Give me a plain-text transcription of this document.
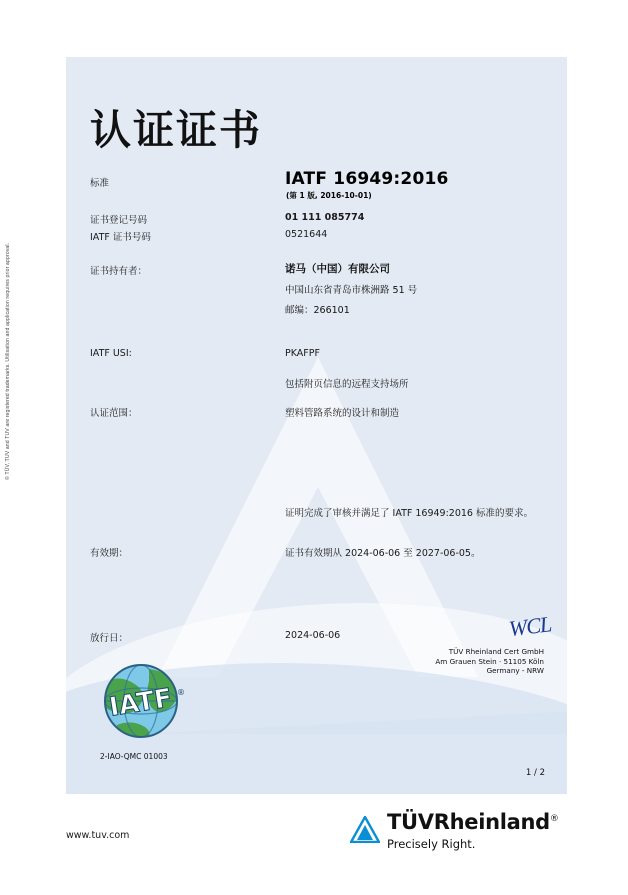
© TÜV, TUV and TUV are registered trademarks. Utilisation and application requires prior approval.
认证证书
标准	IATF 16949:2016
(第 1 版, 2016-10-01)
证书登记号码	01 111 085774
IATF 证书号码	0521644
证书持有者：	诺马（中国）有限公司
中国山东省青岛市株洲路 51 号
邮编：266101
IATF USI:	PKAFPF
包括附页信息的远程支持场所
认证范围：	塑料管路系统的设计和制造
证明完成了审核并满足了 IATF 16949:2016 标准的要求。
有效期：	证书有效期从 2024-06-06 至 2027-06-05。
放行日：	2024-06-06	WCL
TÜV Rheinland Cert GmbH
Am Grauen Stein · 51105 Köln
Germany - NRW
IATF ®
2-IAO-QMC 01003
1 / 2
www.tuv.com
TÜVRheinland®
Precisely Right.
